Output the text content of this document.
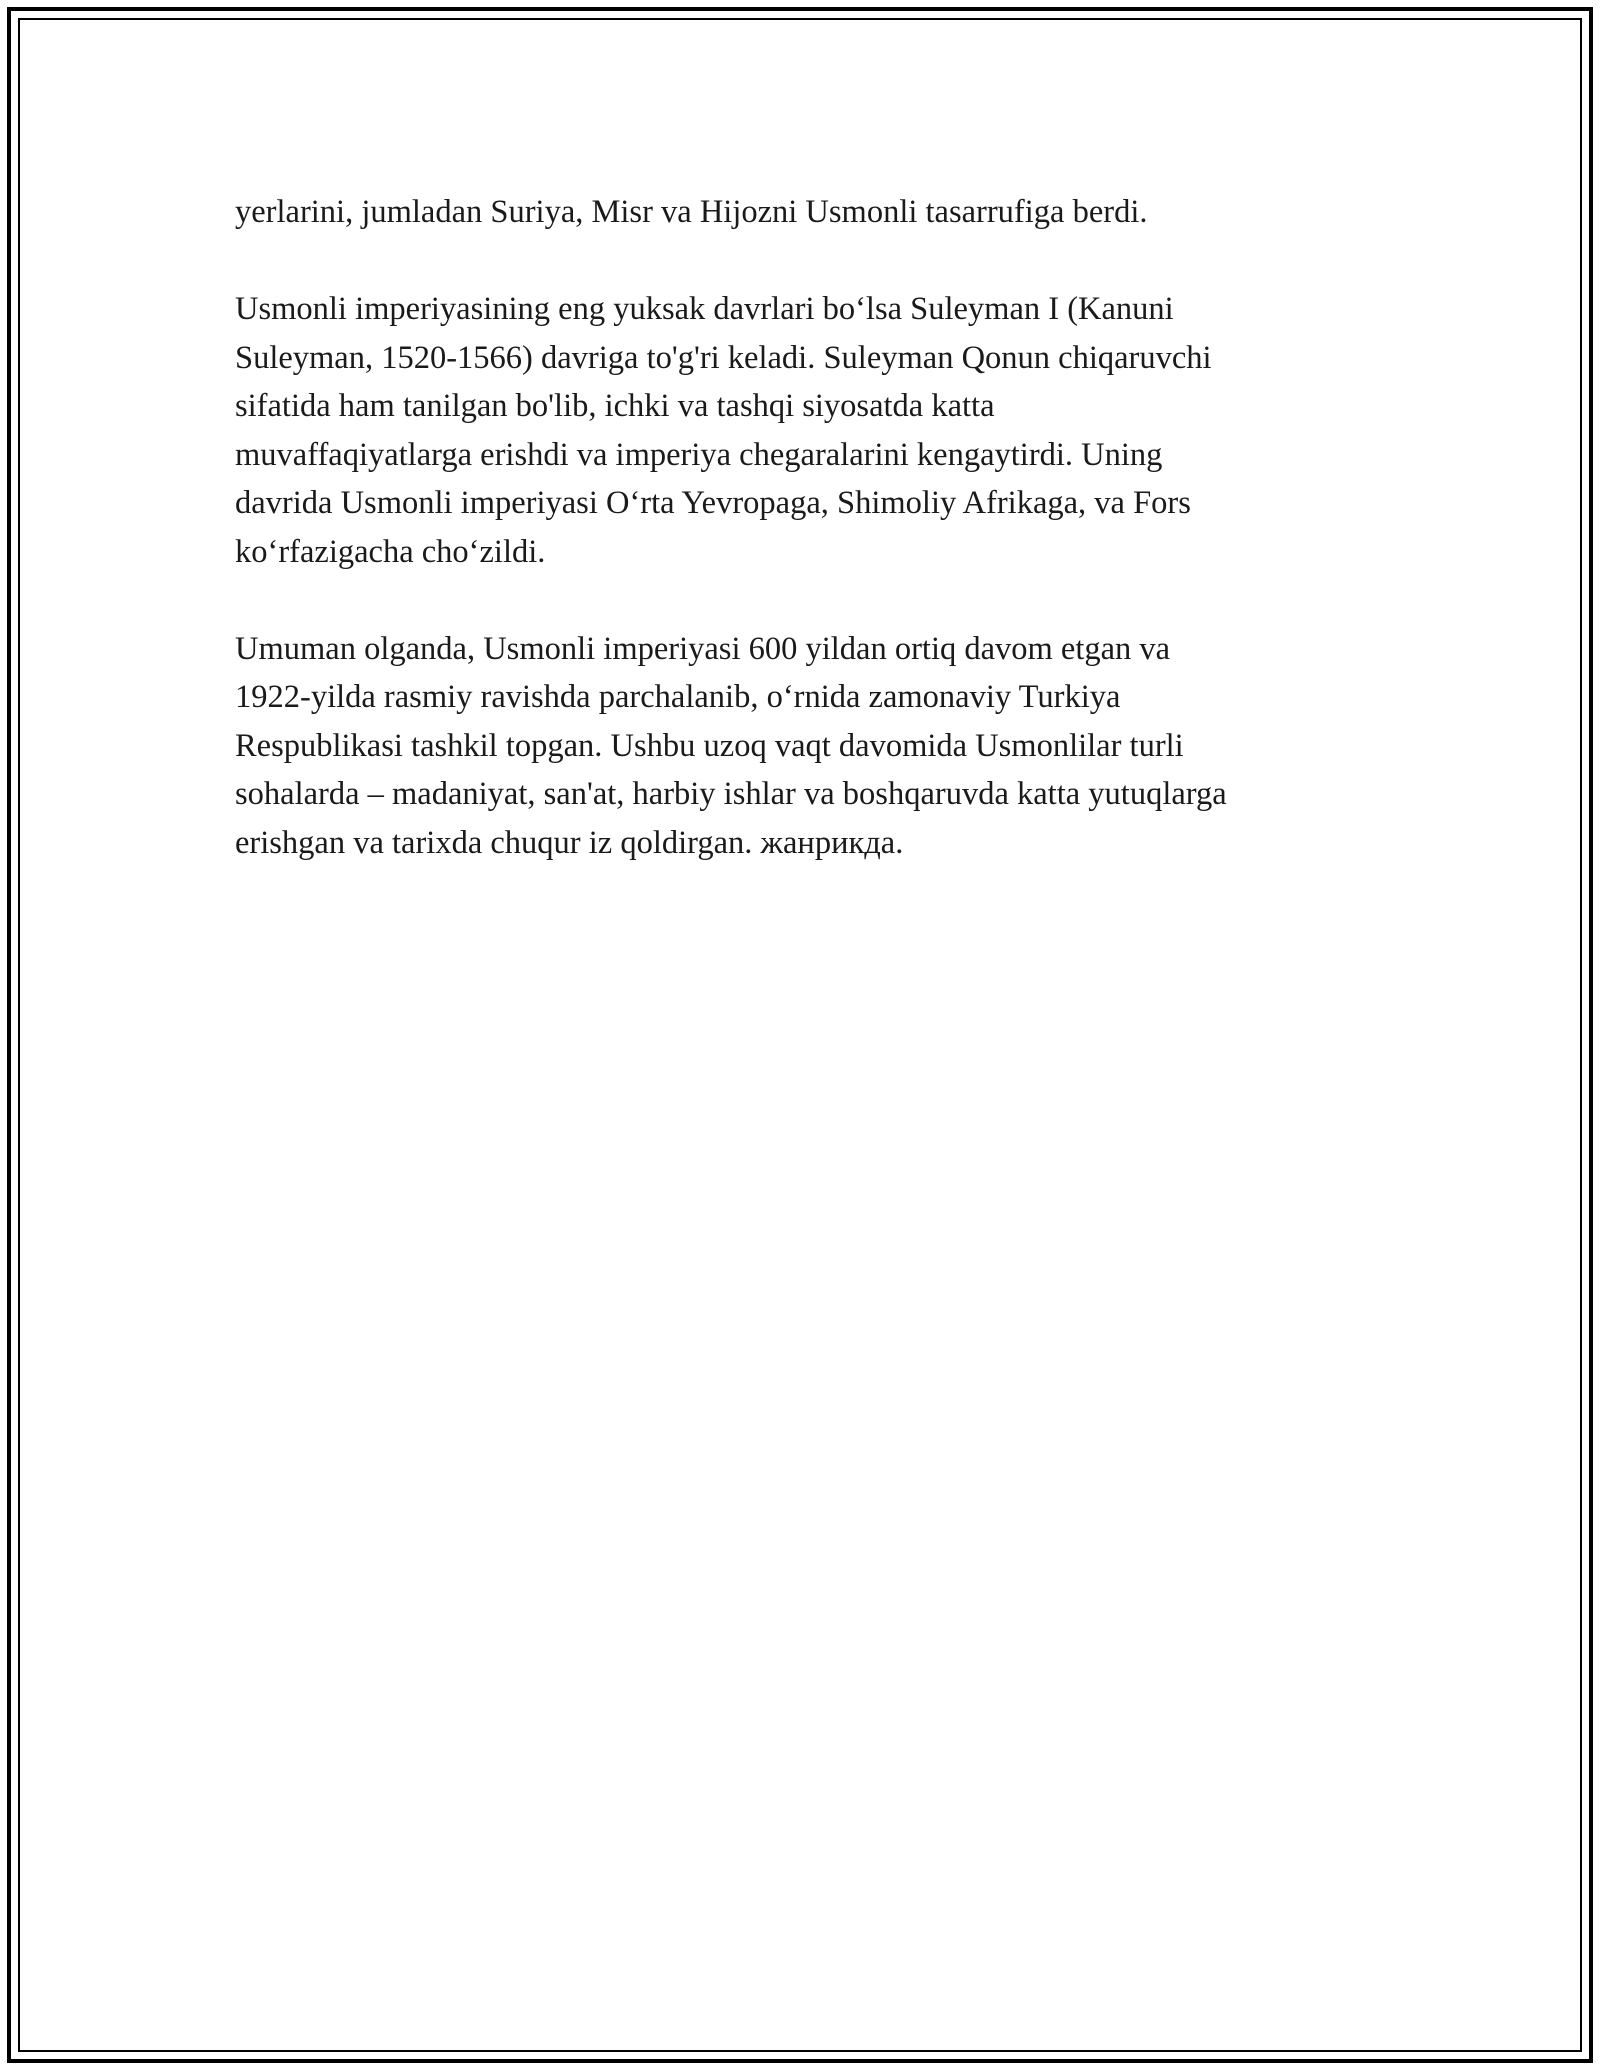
yerlarini, jumladan Suriya, Misr va Hijozni Usmonli tasarrufiga berdi.

Usmonli imperiyasining eng yuksak davrlari bo‘lsa Suleyman I (Kanuni
Suleyman, 1520-1566) davriga to'g'ri keladi. Suleyman Qonun chiqaruvchi
sifatida ham tanilgan bo'lib, ichki va tashqi siyosatda katta
muvaffaqiyatlarga erishdi va imperiya chegaralarini kengaytirdi. Uning
davrida Usmonli imperiyasi O‘rta Yevropaga, Shimoliy Afrikaga, va Fors
ko‘rfazigacha cho‘zildi.

Umuman olganda, Usmonli imperiyasi 600 yildan ortiq davom etgan va
1922-yilda rasmiy ravishda parchalanib, o‘rnida zamonaviy Turkiya
Respublikasi tashkil topgan. Ushbu uzoq vaqt davomida Usmonlilar turli
sohalarda – madaniyat, san'at, harbiy ishlar va boshqaruvda katta yutuqlarga
erishgan va tarixda chuqur iz qoldirgan. жанрикда.
